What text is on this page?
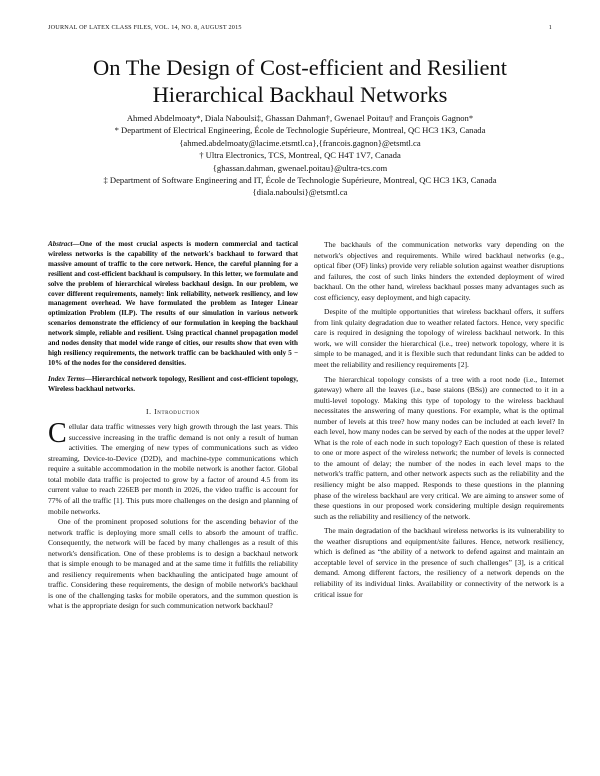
JOURNAL OF LATEX CLASS FILES, VOL. 14, NO. 8, AUGUST 2015	1
On The Design of Cost-efficient and Resilient
Hierarchical Backhaul Networks
Ahmed Abdelmoaty*, Diala Naboulsi‡, Ghassan Dahman†, Gwenael Poitau† and François Gagnon*
* Department of Electrical Engineering, École de Technologie Supérieure, Montreal, QC HC3 1K3, Canada
{ahmed.abdelmoaty@lacime.etsmtl.ca},{francois.gagnon}@etsmtl.ca
† Ultra Electronics, TCS, Montreal, QC H4T 1V7, Canada
{ghassan.dahman, gwenael.poitau}@ultra-tcs.com
‡ Department of Software Engineering and IT, École de Technologie Supérieure, Montreal, QC HC3 1K3, Canada
{diala.naboulsi}@etsmtl.ca
Abstract—One of the most crucial aspects is modern commercial and tactical wireless networks is the capability of the network's backhaul to forward that massive amount of traffic to the core network. Hence, the careful planning for a resilient and cost-efficient backhaul is compulsory. In this letter, we formulate and solve the problem of hierarchical wireless backhaul design. In our problem, we cover different requirements, namely: link reliability, network resiliency, and low management overhead. We have formulated the problem as Integer Linear optimization Problem (ILP). The results of our simulation in various network scenarios demonstrate the efficiency of our formulation in keeping the backhaul network simple, reliable and resilient. Using practical channel propagation model and nodes density that model wide range of cities, our results show that even with high resiliency requirements, the network traffic can be backhauled with only 5 − 10% of the nodes for the considered densities.
Index Terms—Hierarchical network topology, Resilient and cost-efficient topology, Wireless backhaul networks.
I. Introduction

Cellular data traffic witnesses very high growth through the last years. This successive increasing in the traffic demand is not only a result of human activities. The emerging of new types of communications such as video streaming, Device-to-Device (D2D), and machine-type communications which require a suitable accommodation in the mobile network is another factor. Global total mobile data traffic is projected to grow by a factor of around 4.5 from its current value to reach 226EB per month in 2026, the video traffic is account for 77% of all the traffic [1]. This puts more challenges on the design and planning of mobile networks.

One of the prominent proposed solutions for the ascending behavior of the network traffic is deploying more small cells to absorb the amount of traffic. Consequently, the network will be faced by many challenges as a result of this network's densification. One of these problems is to design a backhaul network that is simple enough to be managed and at the same time it fulfills the reliability and resiliency requirements when backhauling the anticipated huge amount of traffic. Considering these requirements, the design of mobile network's backhaul is one of the challenging tasks for mobile operators, and the summon question is what is the appropriate design for such communication network backhaul?

The backhauls of the communication networks vary depending on the network's objectives and requirements. While wired backhaul networks (e.g., optical fiber (OF) links) provide very reliable solution against weather disruptions and failures, the cost of such links hinders the extended deployment of wired backhaul. On the other hand, wireless backhaul posses many advantages such as cost efficiency, easy deployment, and high capacity.

Despite of the multiple opportunities that wireless backhaul offers, it suffers from link qulaity degradation due to weather related factors. Hence, very specific care is required in designing the topology of wireless backhaul network. In this work, we will consider the hierarchical (i.e., tree) network topology, where it is simple to be managed, and it is flexible such that redundant links can be added to meet the reliability and resiliency requirements [2].

The hierarchical topology consists of a tree with a root node (i.e., Internet gateway) where all the leaves (i.e., base staions (BSs)) are connected to it in a multi-level topology. Making this type of topology to the wireless backhaul necessitates the answering of many questions. For example, what is the optimal number of levels at this tree? how many nodes can be included at each level? In each level, how many nodes can be served by each of the nodes at the upper level? What is the role of each node in such topology? Each question of these is related to one or more aspect of the wireless network; the number of levels is connected to the amount of delay; the number of the nodes in each level maps to the network's traffic pattern, and other network aspects such as the reliability and the resiliency might be also mapped. Responds to these questions in the planning phase of the wireless backhaul are very critical. We are aiming to answer some of these questions in our proposed work considering multiple design requirements such as the reliability and resiliency of the network.

The main degradation of the backhaul wireless networks is its vulnerability to the weather disruptions and equipment/site failures. Hence, network resiliency, which is defined as “the ability of a network to defend against and maintain an acceptable level of service in the presence of such challenges” [3], is a critical demand. Among different factors, the resiliency of a network depends on the reliability of its individual links. Availability or connectivity of the network is a critical issue for
